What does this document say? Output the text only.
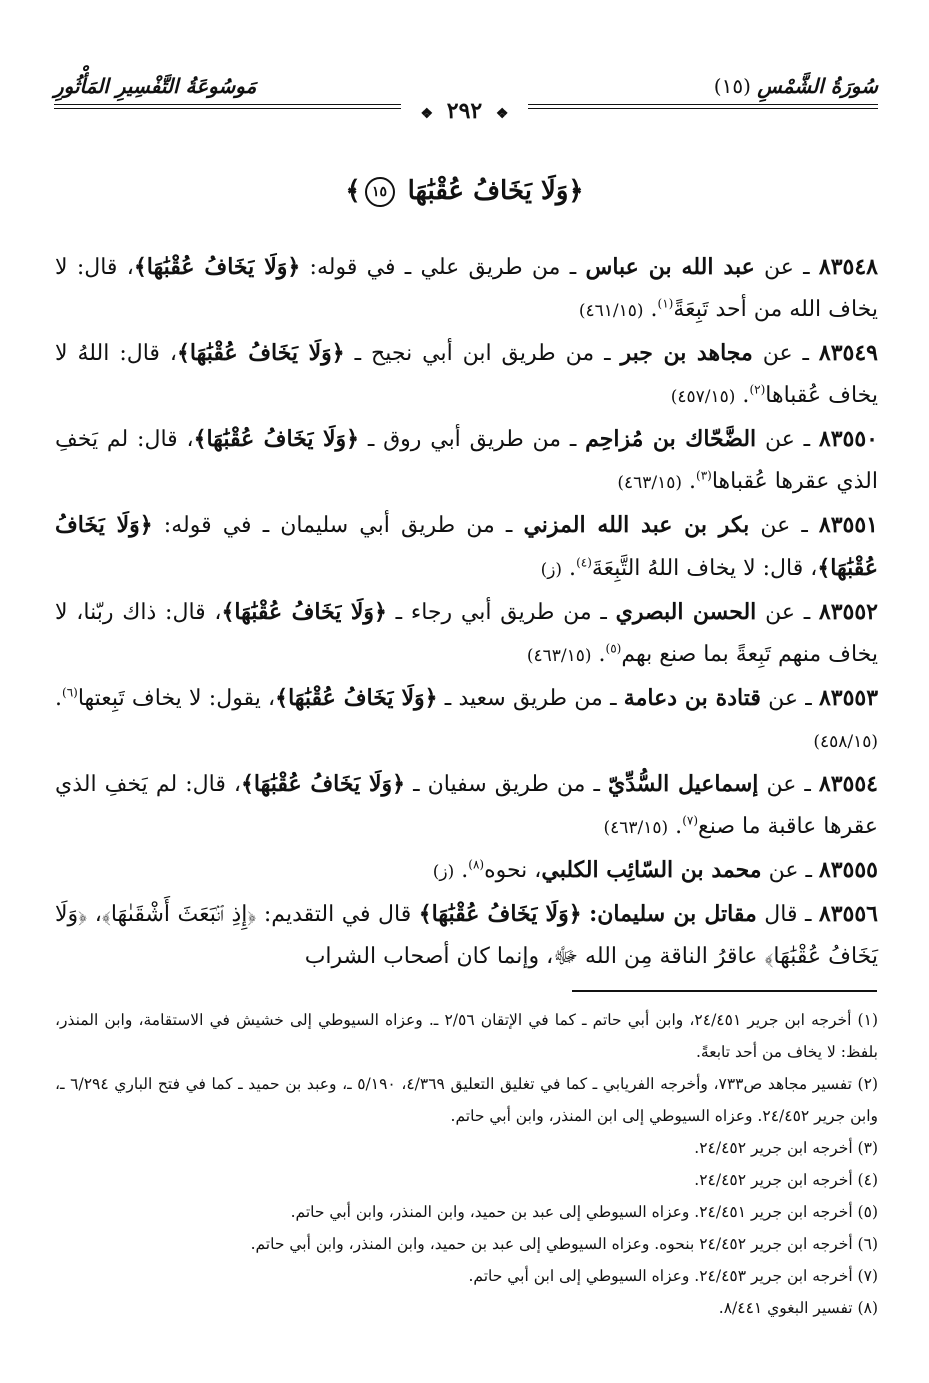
سُورَةُ الشَّمْسِ (١٥)
مَوسُوعَةُ التَّفْسِيرِ المَأْثُورِ
❖ ٢٩٢ ❖
﴿وَلَا يَخَافُ عُقْبَٰهَا ١٥﴾

٨٣٥٤٨ ـ عن عبد الله بن عباس ـ من طريق علي ـ في قوله: ﴿وَلَا يَخَافُ عُقْبَٰهَا﴾، قال: لا يخاف الله من أحد تَبِعَةً$^{(١)}$. (٤٦١/١٥)

٨٣٥٤٩ ـ عن مجاهد بن جبر ـ من طريق ابن أبي نجيح ـ ﴿وَلَا يَخَافُ عُقْبَٰهَا﴾، قال: اللهُ لا يخاف عُقباها$^{(٢)}$. (٤٥٧/١٥)

٨٣٥٥٠ ـ عن الضَّحّاك بن مُزاحِم ـ من طريق أبي روق ـ ﴿وَلَا يَخَافُ عُقْبَٰهَا﴾، قال: لم يَخفِ الذي عقرها عُقباها$^{(٣)}$. (٤٦٣/١٥)

٨٣٥٥١ ـ عن بكر بن عبد الله المزني ـ من طريق أبي سليمان ـ في قوله: ﴿وَلَا يَخَافُ عُقْبَٰهَا﴾، قال: لا يخاف اللهُ التَّبِعَةَ$^{(٤)}$. (ز)

٨٣٥٥٢ ـ عن الحسن البصري ـ من طريق أبي رجاء ـ ﴿وَلَا يَخَافُ عُقْبَٰهَا﴾، قال: ذاك ربّنا، لا يخاف منهم تَبِعةً بما صنع بهم$^{(٥)}$. (٤٦٣/١٥)

٨٣٥٥٣ ـ عن قتادة بن دعامة ـ من طريق سعيد ـ ﴿وَلَا يَخَافُ عُقْبَٰهَا﴾، يقول: لا يخاف تَبِعتها$^{(٦)}$. (٤٥٨/١٥)

٨٣٥٥٤ ـ عن إسماعيل السُّدِّيّ ـ من طريق سفيان ـ ﴿وَلَا يَخَافُ عُقْبَٰهَا﴾، قال: لم يَخفِ الذي عقرها عاقبة ما صنع$^{(٧)}$. (٤٦٣/١٥)

٨٣٥٥٥ ـ عن محمد بن السّائِب الكلبي، نحوه$^{(٨)}$. (ز)

٨٣٥٥٦ ـ قال مقاتل بن سليمان: ﴿وَلَا يَخَافُ عُقْبَٰهَا﴾ قال في التقديم: ﴿إِذِ ٱنۢبَعَثَ أَشْقَىٰهَا﴾، ﴿وَلَا يَخَافُ عُقْبَٰهَا﴾ عاقرُ الناقة مِن الله ﷻ، وإنما كان أصحاب الشراب

(١) أخرجه ابن جرير ٢٤/٤٥١، وابن أبي حاتم ـ كما في الإتقان ٢/٥٦ ـ. وعزاه السيوطي إلى خشيش في الاستقامة، وابن المنذر، بلفظ: لا يخاف من أحد تابعةً.

(٢) تفسير مجاهد ص٧٣٣، وأخرجه الفريابي ـ كما في تغليق التعليق ٤/٣٦٩، ٥/١٩٠ ـ، وعبد بن حميد ـ كما في فتح الباري ٦/٢٩٤ ـ، وابن جرير ٢٤/٤٥٢. وعزاه السيوطي إلى ابن المنذر، وابن أبي حاتم.

(٣) أخرجه ابن جرير ٢٤/٤٥٢.

(٤) أخرجه ابن جرير ٢٤/٤٥٢.

(٥) أخرجه ابن جرير ٢٤/٤٥١. وعزاه السيوطي إلى عبد بن حميد، وابن المنذر، وابن أبي حاتم.

(٦) أخرجه ابن جرير ٢٤/٤٥٢ بنحوه. وعزاه السيوطي إلى عبد بن حميد، وابن المنذر، وابن أبي حاتم.

(٧) أخرجه ابن جرير ٢٤/٤٥٣. وعزاه السيوطي إلى ابن أبي حاتم.

(٨) تفسير البغوي ٨/٤٤١.
